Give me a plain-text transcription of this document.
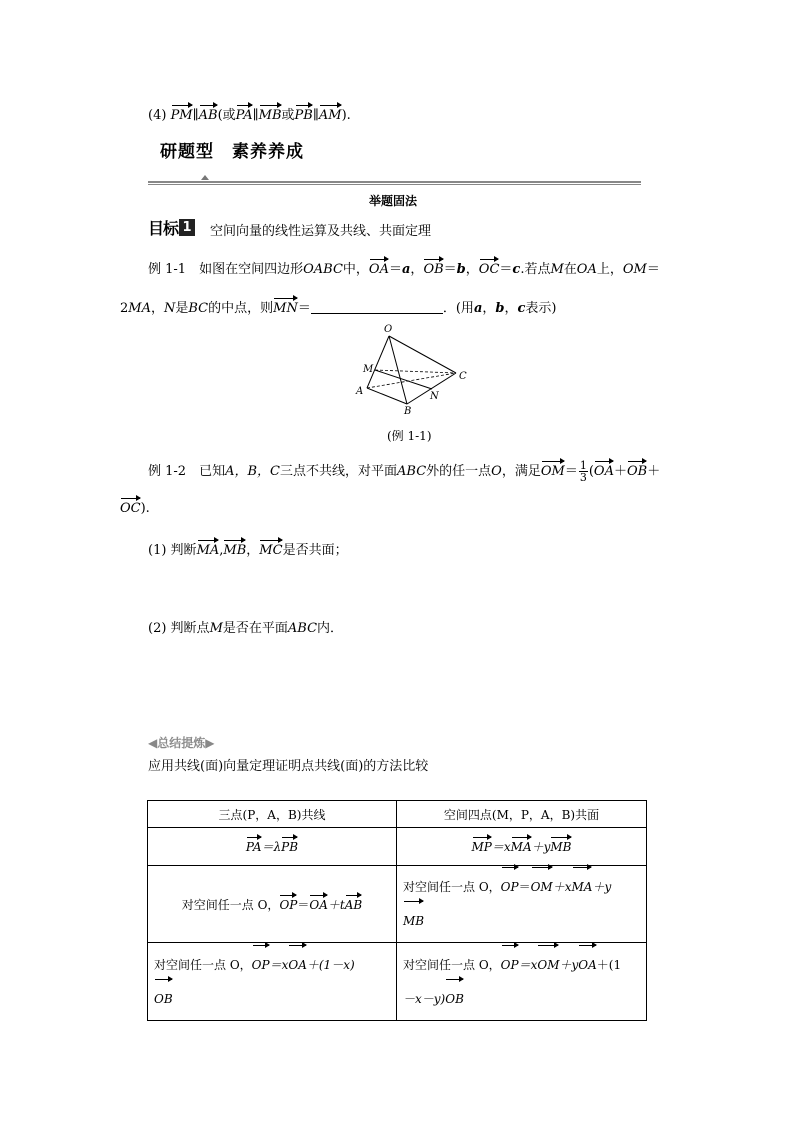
(4) PM∥AB(或PA∥MB或PB∥AM).
研题型　素养养成
举题固法
目标 1 空间向量的线性运算及共线、共面定理
例 1-1　 如图在空间四边形OABC中，OA＝a，OB＝b，OC＝c.若点M在OA上，OM＝
2MA，N是BC的中点，则MN＝	．(用a，b，c表示)
O
M
A
B
C
N
(例 1-1)
例 1-2　 已知A，B，C三点不共线，对平面ABC外的任一点O，满足$OM= \frac{1}{3} (OA+OB+$
OC).
(1) 判断MA,MB，MC是否共面；
(2) 判断点M是否在平面ABC内．
◀总结提炼▶
应用共线(面)向量定理证明点共线(面)的方法比较
三点(P，A，B)共线	空间四点(M，P，A，B)共面
PA＝λPB	MP＝xMA＋yMB
对空间任一点 O，OP＝OA＋tAB	对空间任一点 O，OP＝OM＋xMA＋y
MB
对空间任一点 O，OP＝xOA＋(1－x)
OB	对空间任一点 O，OP＝xOM＋yOA＋(1
－x－y)OB
